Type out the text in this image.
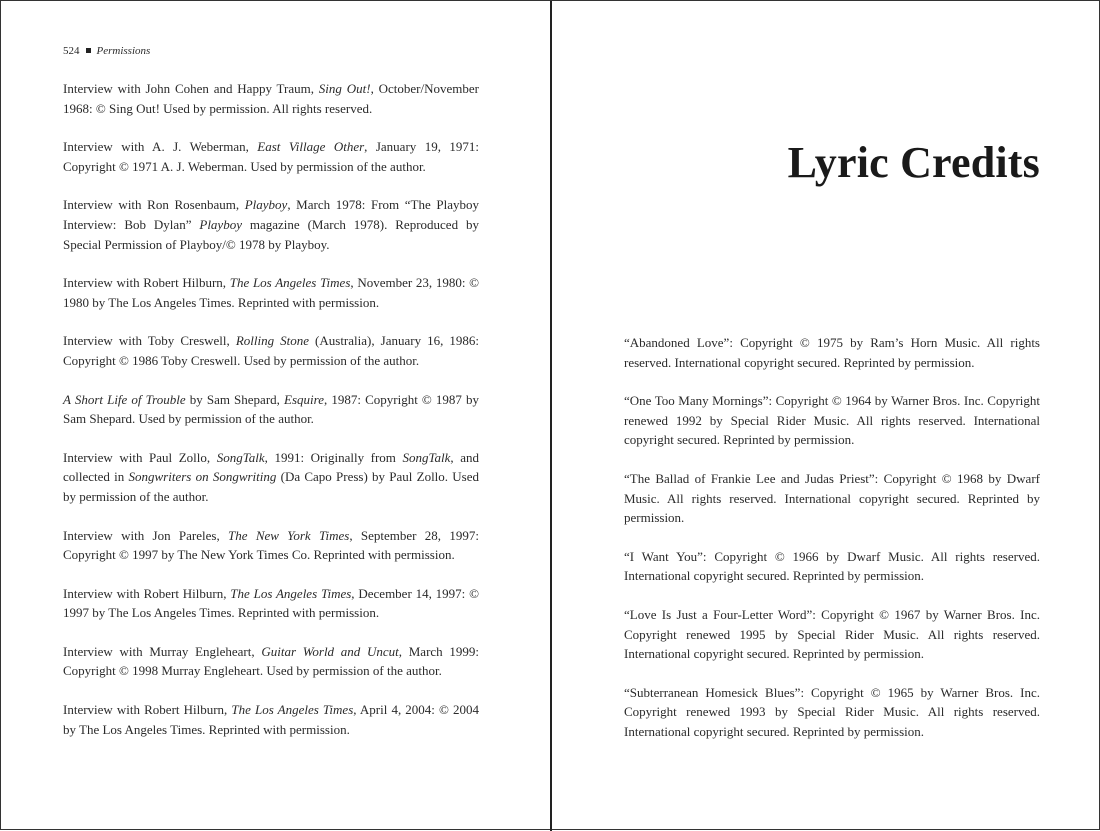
524 Permissions

Interview with John Cohen and Happy Traum, Sing Out!, October/November 1968: © Sing Out! Used by permission. All rights reserved.

Interview with A. J. Weberman, East Village Other, January 19, 1971: Copyright © 1971 A. J. Weberman. Used by permission of the author.

Interview with Ron Rosenbaum, Playboy, March 1978: From “The Playboy Interview: Bob Dylan” Playboy magazine (March 1978). Reproduced by Special Permission of Playboy/© 1978 by Playboy.

Interview with Robert Hilburn, The Los Angeles Times, November 23, 1980: © 1980 by The Los Angeles Times. Reprinted with permission.

Interview with Toby Creswell, Rolling Stone (Australia), January 16, 1986: Copyright © 1986 Toby Creswell. Used by permission of the author.

A Short Life of Trouble by Sam Shepard, Esquire, 1987: Copyright © 1987 by Sam Shepard. Used by permission of the author.

Interview with Paul Zollo, SongTalk, 1991: Originally from SongTalk, and collected in Songwriters on Songwriting (Da Capo Press) by Paul Zollo. Used by permission of the author.

Interview with Jon Pareles, The New York Times, September 28, 1997: Copyright © 1997 by The New York Times Co. Reprinted with permission.

Interview with Robert Hilburn, The Los Angeles Times, December 14, 1997: © 1997 by The Los Angeles Times. Reprinted with permission.

Interview with Murray Engleheart, Guitar World and Uncut, March 1999: Copyright © 1998 Murray Engleheart. Used by permission of the author.

Interview with Robert Hilburn, The Los Angeles Times, April 4, 2004: © 2004 by The Los Angeles Times. Reprinted with permission.

Lyric Credits

“Abandoned Love”: Copyright © 1975 by Ram’s Horn Music. All rights reserved. International copyright secured. Reprinted by permission.

“One Too Many Mornings”: Copyright © 1964 by Warner Bros. Inc. Copyright renewed 1992 by Special Rider Music. All rights reserved. International copyright secured. Reprinted by permission.

“The Ballad of Frankie Lee and Judas Priest”: Copyright © 1968 by Dwarf Music. All rights reserved. International copyright secured. Reprinted by permission.

“I Want You”: Copyright © 1966 by Dwarf Music. All rights reserved. International copyright secured. Reprinted by permission.

“Love Is Just a Four-Letter Word”: Copyright © 1967 by Warner Bros. Inc. Copyright renewed 1995 by Special Rider Music. All rights reserved. International copyright secured. Reprinted by permission.

“Subterranean Homesick Blues”: Copyright © 1965 by Warner Bros. Inc. Copyright renewed 1993 by Special Rider Music. All rights reserved. International copyright secured. Reprinted by permission.
